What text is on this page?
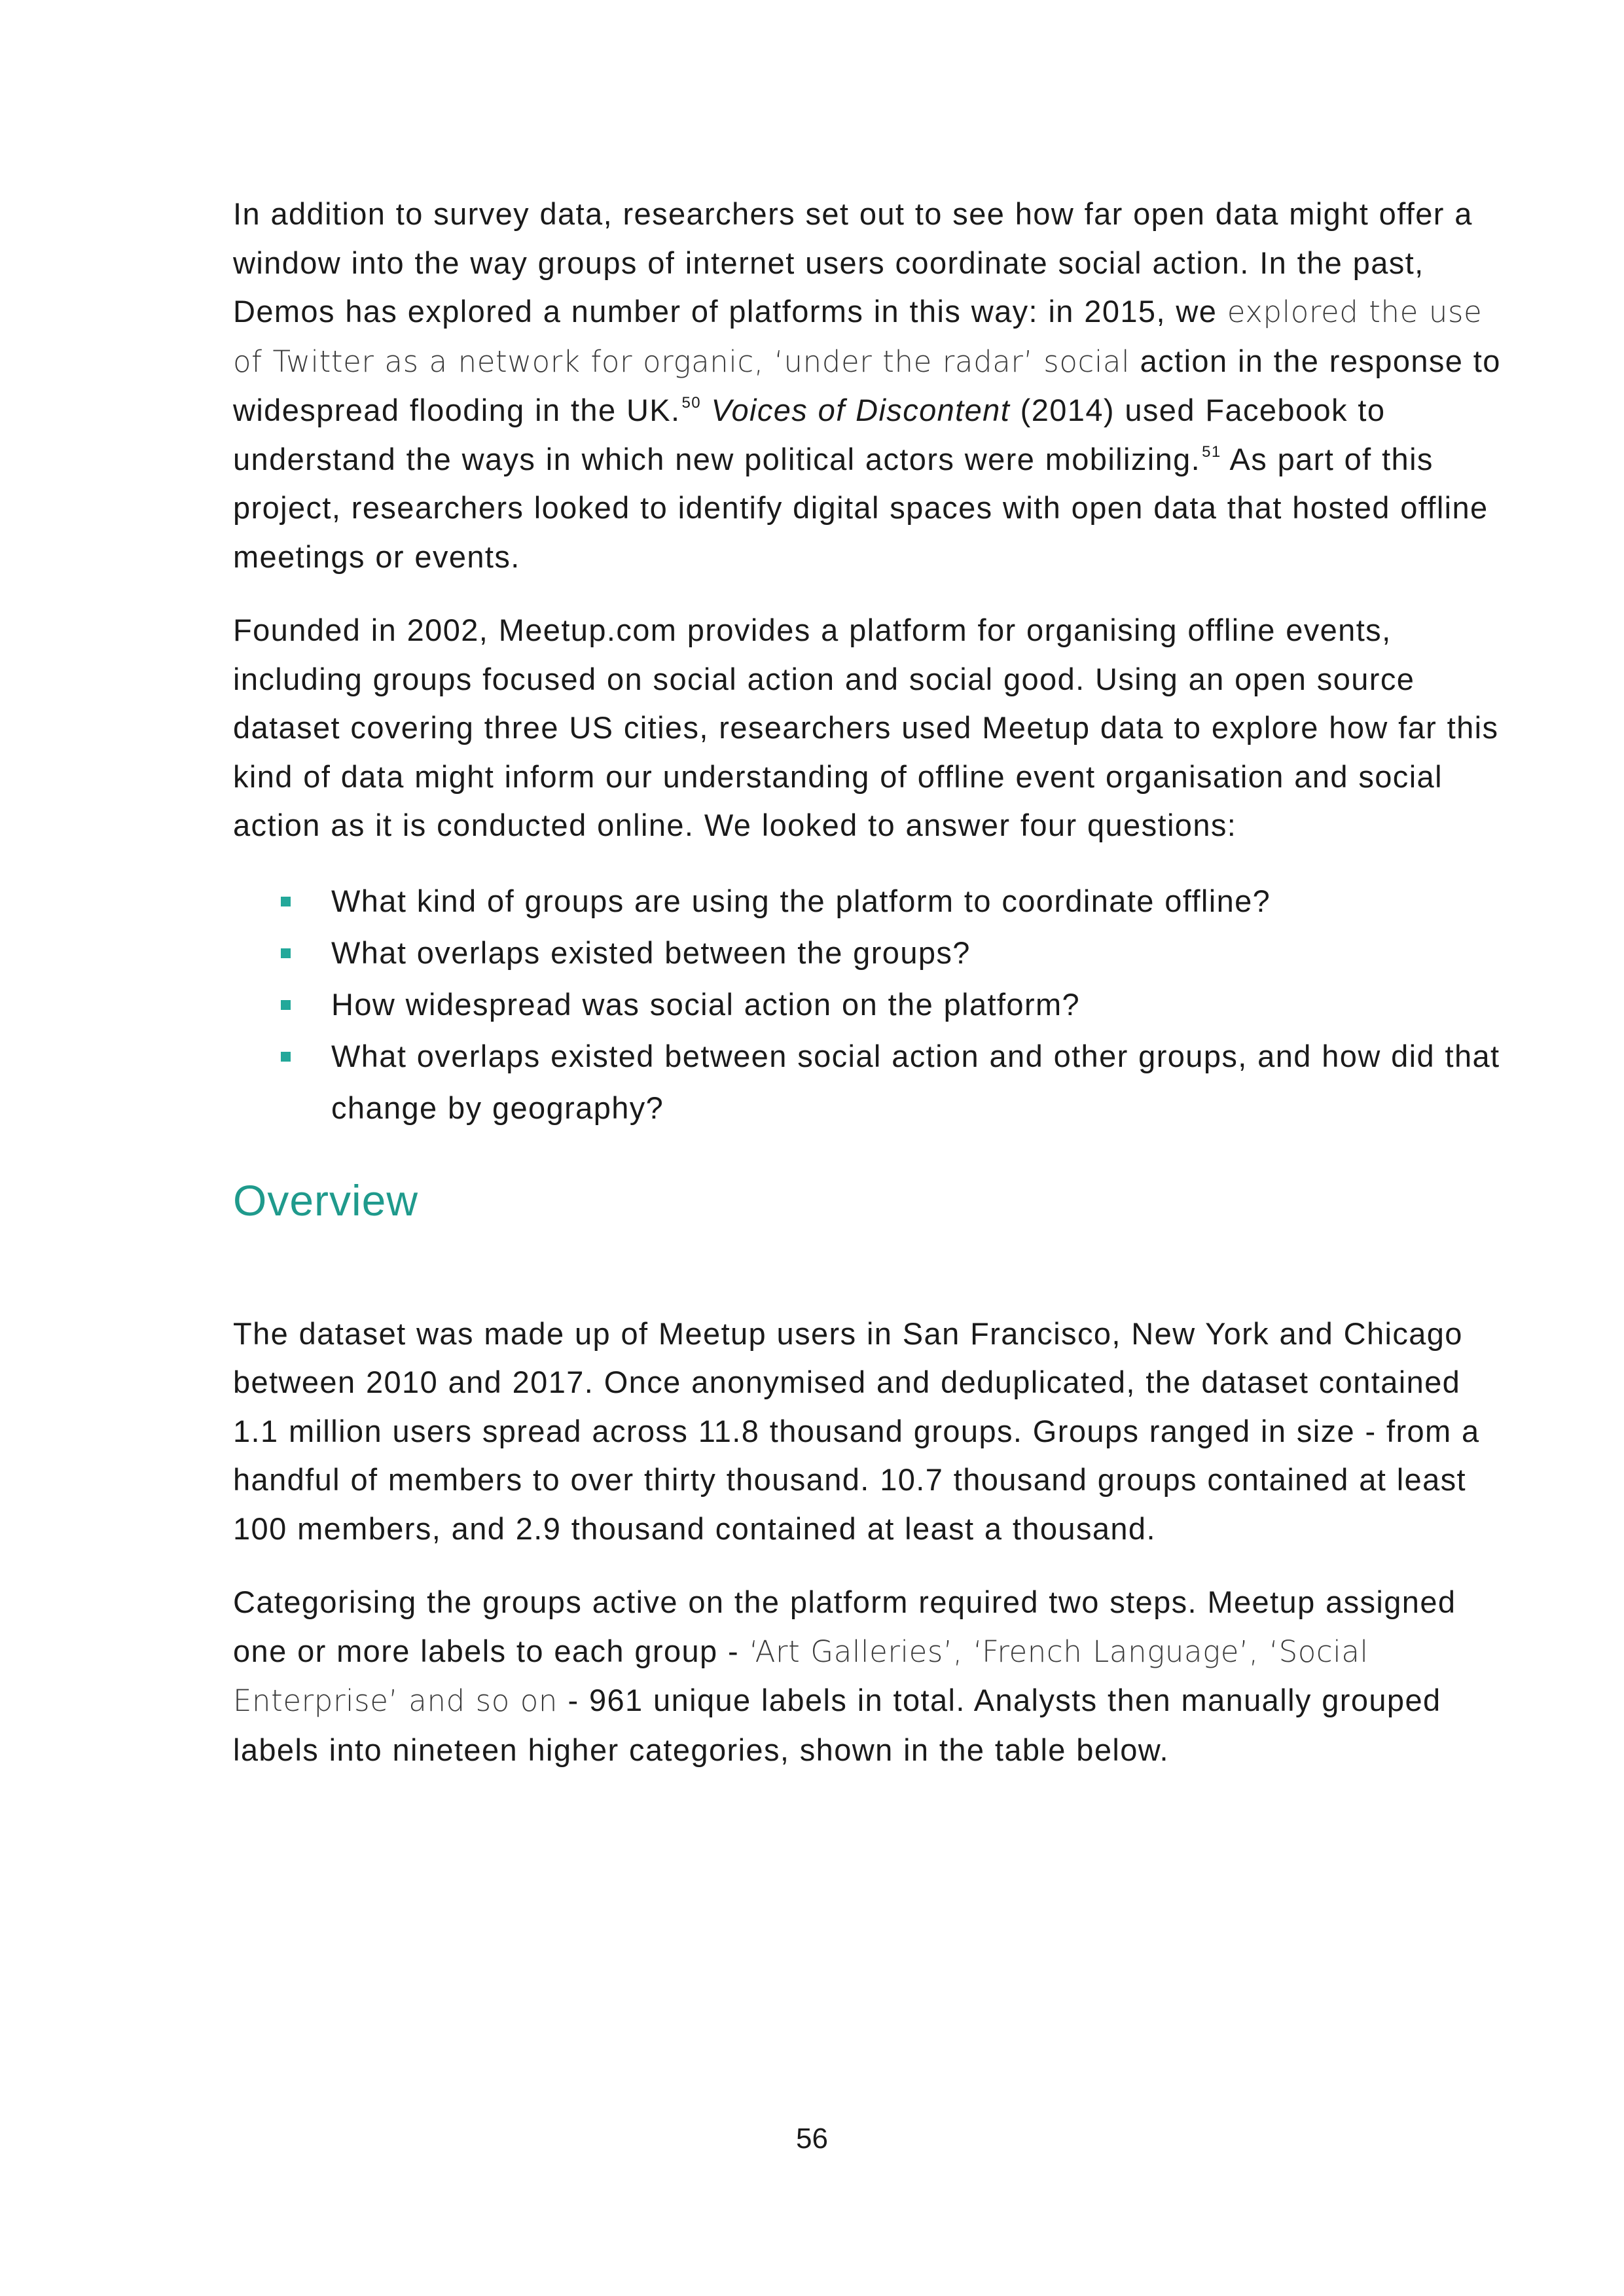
In addition to survey data, researchers set out to see how far open data might offer a window into the way groups of internet users coordinate social action. In the past, Demos has explored a number of platforms in this way: in 2015, we explored the use of Twitter as a network for organic, ‘under the radar’ social action in the response to widespread flooding in the UK.$^{50}$ Voices of Discontent (2014) used Facebook to understand the ways in which new political actors were mobilizing.$^{51}$ As part of this project, researchers looked to identify digital spaces with open data that hosted offline meetings or events.

Founded in 2002, Meetup.com provides a platform for organising offline events, including groups focused on social action and social good. Using an open source dataset covering three US cities, researchers used Meetup data to explore how far this kind of data might inform our understanding of offline event organisation and social action as it is conducted online. We looked to answer four questions:

What kind of groups are using the platform to coordinate offline?
What overlaps existed between the groups?
How widespread was social action on the platform?
What overlaps existed between social action and other groups, and how did that change by geography?
Overview

The dataset was made up of Meetup users in San Francisco, New York and Chicago between 2010 and 2017. Once anonymised and deduplicated, the dataset contained 1.1 million users spread across 11.8 thousand groups. Groups ranged in size - from a handful of members to over thirty thousand. 10.7 thousand groups contained at least 100 members, and 2.9 thousand contained at least a thousand.

Categorising the groups active on the platform required two steps. Meetup assigned one or more labels to each group - ‘Art Galleries’, ‘French Language’, ‘Social Enterprise’ and so on - 961 unique labels in total. Analysts then manually grouped labels into nineteen higher categories, shown in the table below.

56
